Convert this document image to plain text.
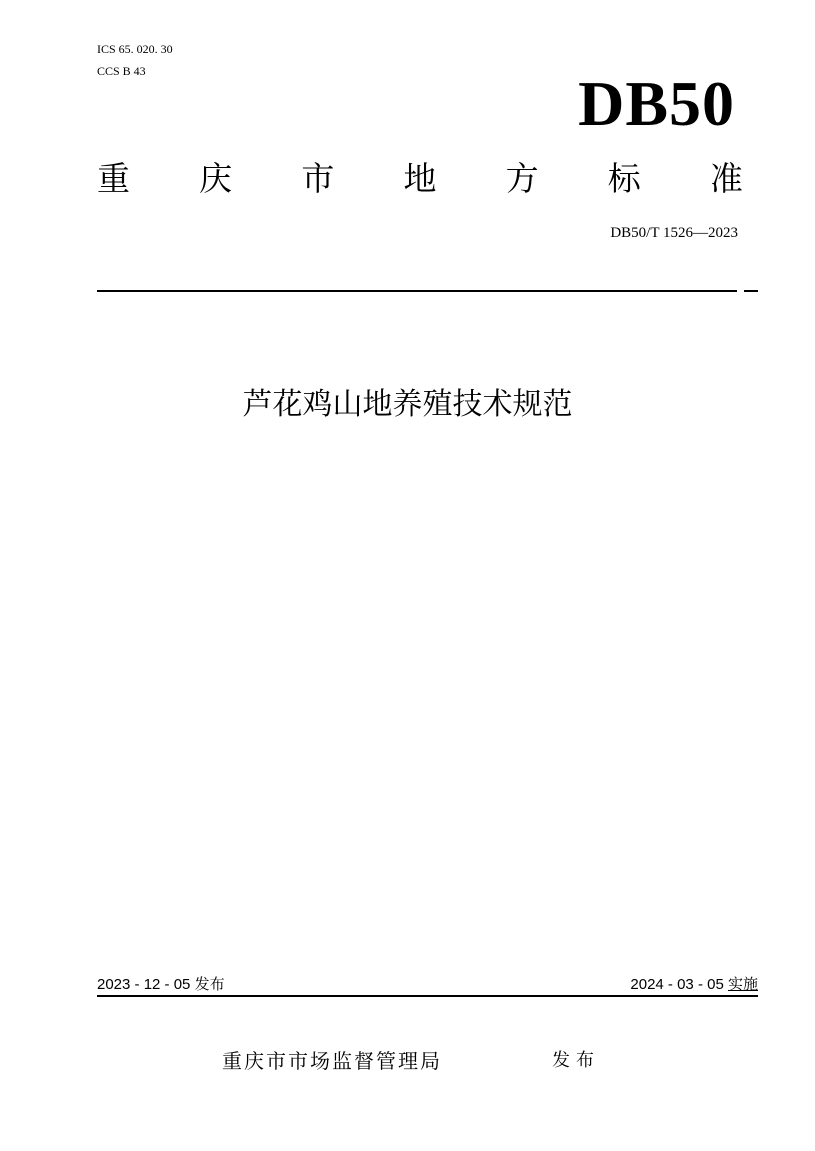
ICS 65. 020. 30
CCS B 43	DB50
重 庆 市 地 方 标 准
DB50/T 1526—2023
芦花鸡山地养殖技术规范
2023 - 12 - 05 发布	2024 - 03 - 05 实施
重庆市市场监督管理局	发布
